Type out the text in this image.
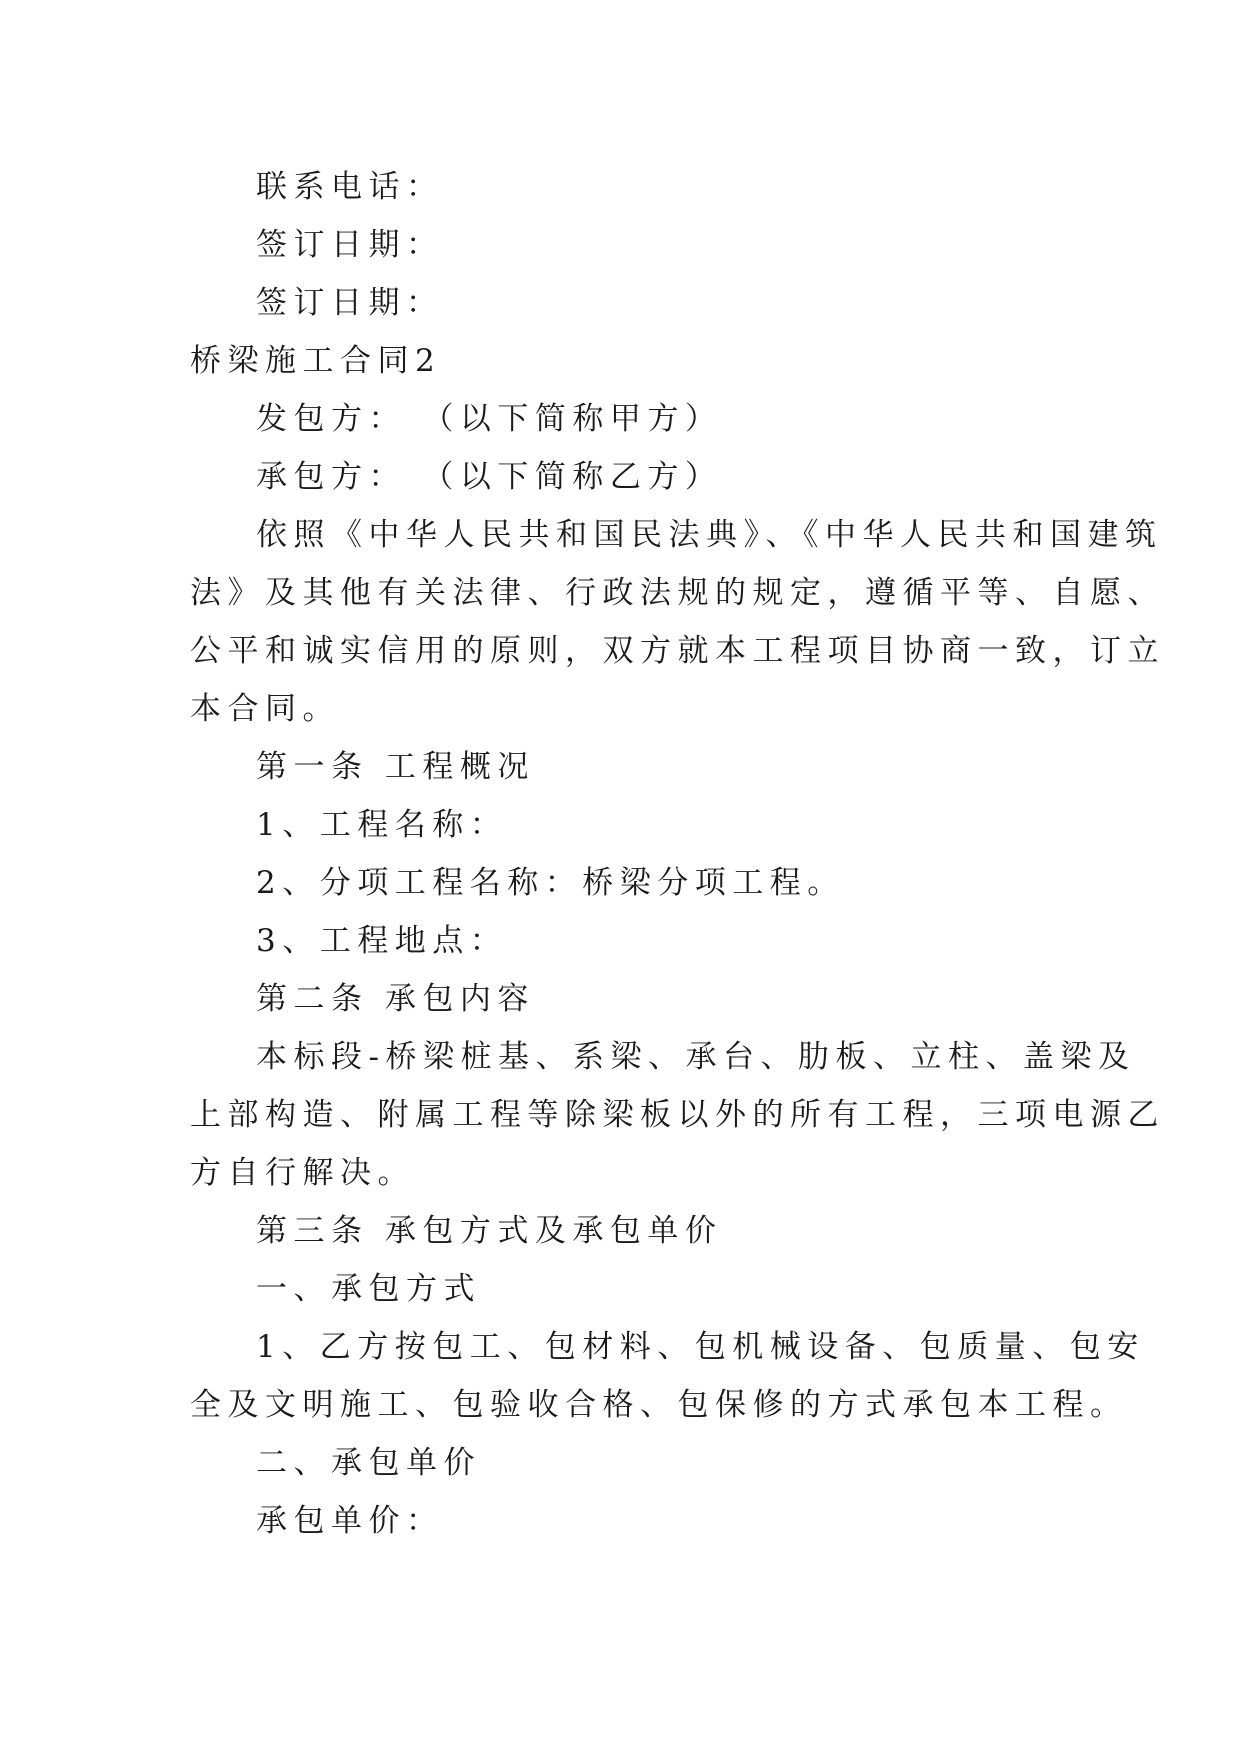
联系电话：
签订日期：
签订日期：
桥梁施工合同2
发包方： （以下简称甲方）
承包方： （以下简称乙方）
依照《中华人民共和国民法典》、《中华人民共和国建筑
法》及其他有关法律、行政法规的规定，遵循平等、自愿、
公平和诚实信用的原则，双方就本工程项目协商一致，订立
本合同。
第一条 工程概况
1、工程名称：
2、分项工程名称：桥梁分项工程。
3、工程地点：
第二条 承包内容
本标段-桥梁桩基、系梁、承台、肋板、立柱、盖梁及
上部构造、附属工程等除梁板以外的所有工程，三项电源乙
方自行解决。
第三条 承包方式及承包单价
一、承包方式
1、乙方按包工、包材料、包机械设备、包质量、包安
全及文明施工、包验收合格、包保修的方式承包本工程。
二、承包单价
承包单价：
